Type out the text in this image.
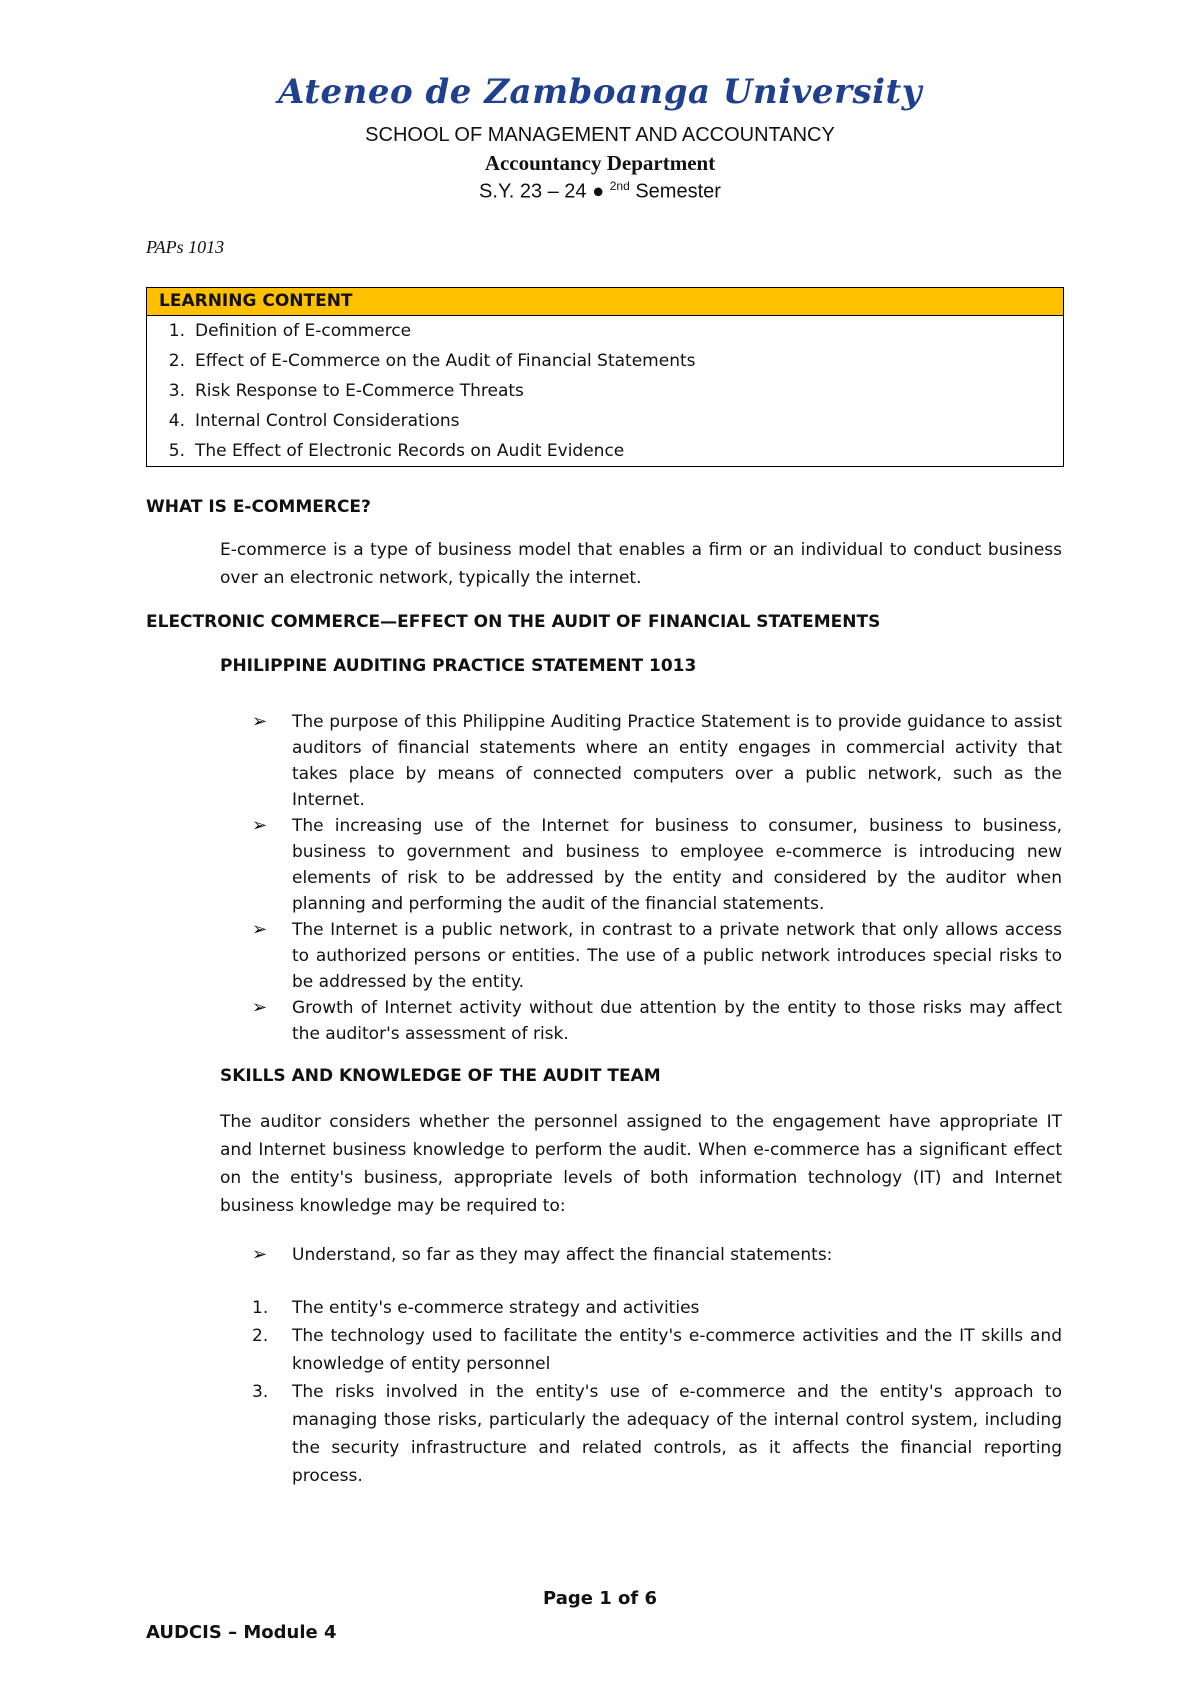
Ateneo de Zamboanga University
SCHOOL OF MANAGEMENT AND ACCOUNTANCY
Accountancy Department
S.Y. 23 – 24 ● $^{2nd}$ Semester
PAPs 1013
LEARNING CONTENT
1. Definition of E-commerce
2. Effect of E-Commerce on the Audit of Financial Statements
3. Risk Response to E-Commerce Threats
4. Internal Control Considerations
5. The Effect of Electronic Records on Audit Evidence
WHAT IS E-COMMERCE?
E-commerce is a type of business model that enables a firm or an individual to conduct business over an electronic network, typically the internet.
ELECTRONIC COMMERCE—EFFECT ON THE AUDIT OF FINANCIAL STATEMENTS
PHILIPPINE AUDITING PRACTICE STATEMENT 1013
➢ The purpose of this Philippine Auditing Practice Statement is to provide guidance to assist auditors of financial statements where an entity engages in commercial activity that takes place by means of connected computers over a public network, such as the Internet.
➢ The increasing use of the Internet for business to consumer, business to business, business to government and business to employee e-commerce is introducing new elements of risk to be addressed by the entity and considered by the auditor when planning and performing the audit of the financial statements.
➢ The Internet is a public network, in contrast to a private network that only allows access to authorized persons or entities. The use of a public network introduces special risks to be addressed by the entity.
➢ Growth of Internet activity without due attention by the entity to those risks may affect the auditor's assessment of risk.
SKILLS AND KNOWLEDGE OF THE AUDIT TEAM
The auditor considers whether the personnel assigned to the engagement have appropriate IT and Internet business knowledge to perform the audit. When e-commerce has a significant effect on the entity's business, appropriate levels of both information technology (IT) and Internet business knowledge may be required to:
➢ Understand, so far as they may affect the financial statements:
1. The entity's e-commerce strategy and activities
2. The technology used to facilitate the entity's e-commerce activities and the IT skills and knowledge of entity personnel
3. The risks involved in the entity's use of e-commerce and the entity's approach to managing those risks, particularly the adequacy of the internal control system, including the security infrastructure and related controls, as it affects the financial reporting process.
Page 1 of 6
AUDCIS – Module 4
